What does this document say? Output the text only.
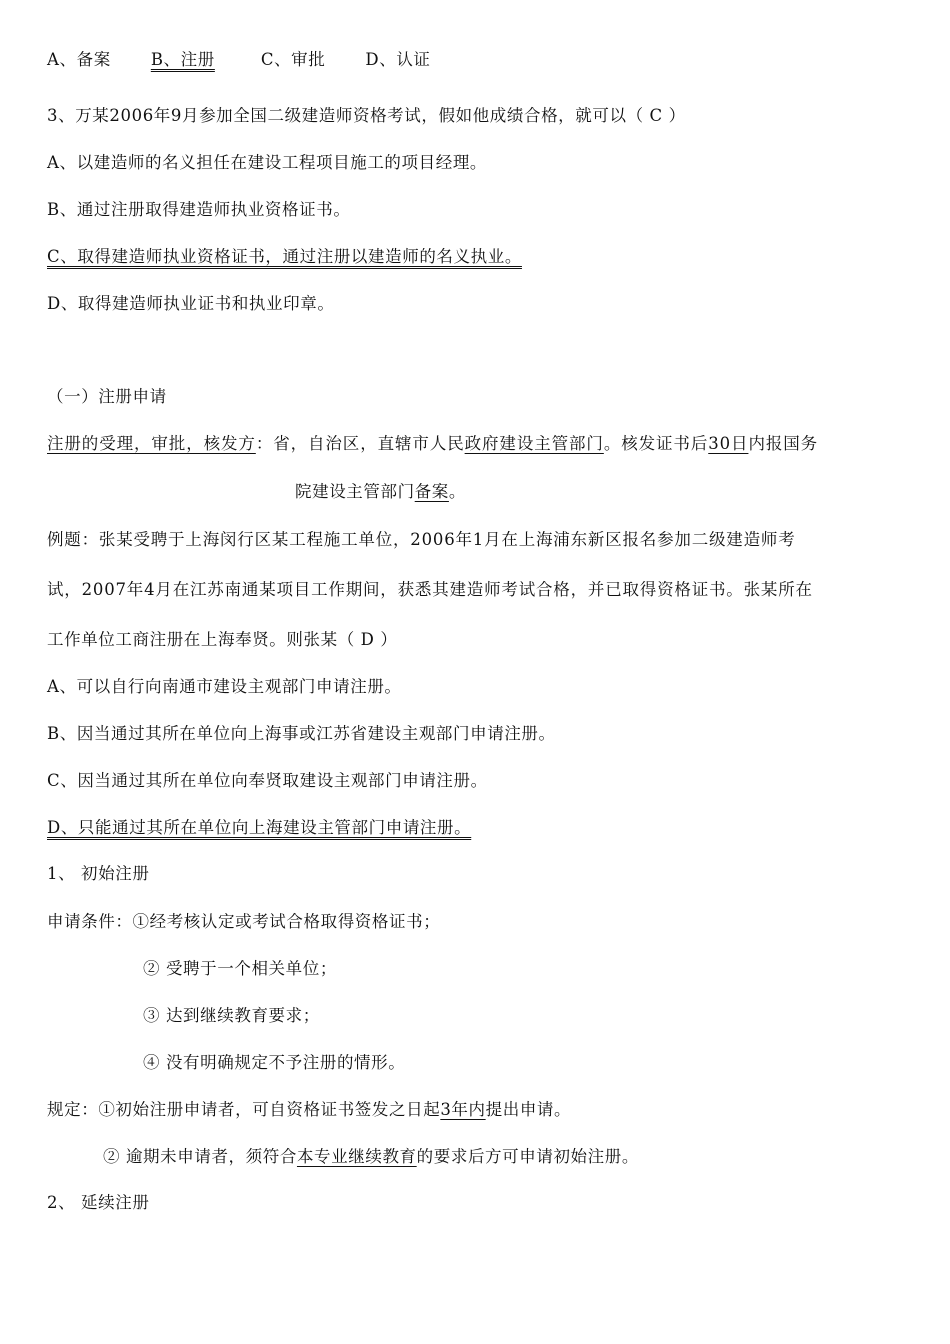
A、备案 B、注册	C、审批 D、认证
3、万某2006年9月参加全国二级建造师资格考试，假如他成绩合格，就可以（ C ）
A、以建造师的名义担任在建设工程项目施工的项目经理。
B、通过注册取得建造师执业资格证书。
C、取得建造师执业资格证书，通过注册以建造师的名义执业。
D、取得建造师执业证书和执业印章。
（一）注册申请
注册的受理，审批，核发方：省，自治区，直辖市人民政府建设主管部门。核发证书后30日内报国务
院建设主管部门备案。
例题：张某受聘于上海闵行区某工程施工单位，2006年1月在上海浦东新区报名参加二级建造师考
试，2007年4月在江苏南通某项目工作期间，获悉其建造师考试合格，并已取得资格证书。张某所在
工作单位工商注册在上海奉贤。则张某（ D ）
A、可以自行向南通市建设主观部门申请注册。
B、因当通过其所在单位向上海事或江苏省建设主观部门申请注册。
C、因当通过其所在单位向奉贤取建设主观部门申请注册。
D、只能通过其所在单位向上海建设主管部门申请注册。
1、 初始注册
申请条件：①经考核认定或考试合格取得资格证书；
② 受聘于一个相关单位；
③ 达到继续教育要求；
④ 没有明确规定不予注册的情形。
规定：①初始注册申请者，可自资格证书签发之日起3年内提出申请。
② 逾期未申请者，须符合本专业继续教育的要求后方可申请初始注册。
2、 延续注册
